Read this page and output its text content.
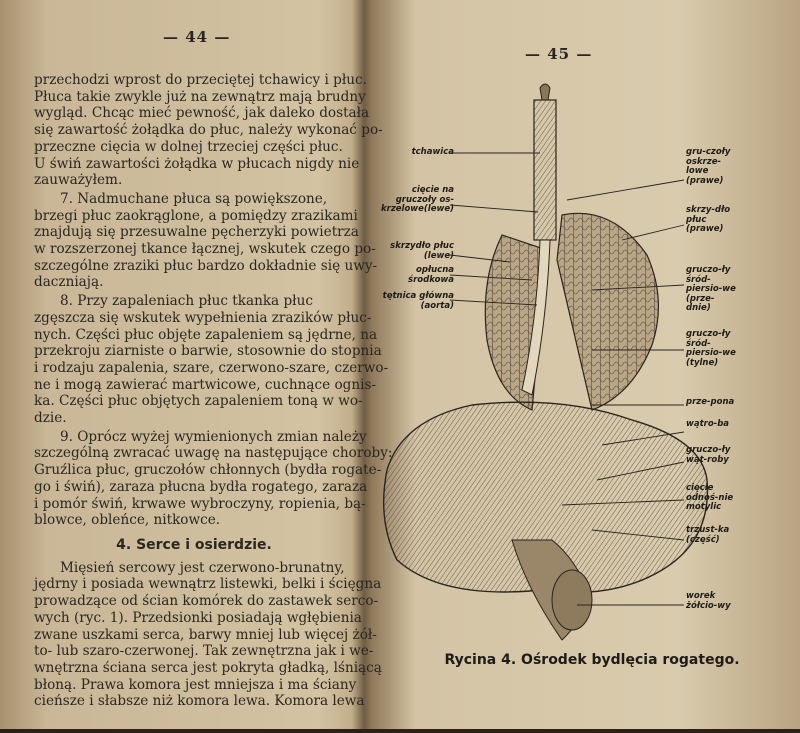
— 44 —
przechodzi wprost do przeciętej tchawicy i płuc.
Płuca takie zwykle już na zewnątrz mają brudny
wygląd. Chcąc mieć pewność, jak daleko dostała
się zawartość żołądka do płuc, należy wykonać po-
przeczne cięcia w dolnej trzeciej części płuc.
U świń zawartości żołądka w płucach nigdy nie
zauważyłem.
7. Nadmuchane płuca są powiększone,
brzegi płuc zaokrąglone, a pomiędzy zrazikami
znajdują się przesuwalne pęcherzyki powietrza
w rozszerzonej tkance łącznej, wskutek czego po-
szczególne zraziki płuc bardzo dokładnie się uwy-
daczniają.
8. Przy zapaleniach płuc tkanka płuc
zgęszcza się wskutek wypełnienia zrazików płuc-
nych. Części płuc objęte zapaleniem są jędrne, na
przekroju ziarniste o barwie, stosownie do stopnia
i rodzaju zapalenia, szare, czerwono-szare, czerwo-
ne i mogą zawierać martwicowe, cuchnące ognis-
ka. Części płuc objętych zapaleniem toną w wo-
dzie.
9. Oprócz wyżej wymienionych zmian należy
szczególną zwracać uwagę na następujące choroby:
Gruźlica płuc, gruczołów chłonnych (bydła rogate-
go i świń), zaraza płucna bydła rogatego, zaraza
i pomór świń, krwawe wybroczyny, ropienia, bą-
blowce, obleńce, nitkowce.
4. Serce i osierdzie.
Mięsień sercowy jest czerwono-brunatny,
jędrny i posiada wewnątrz listewki, belki i ścięgna
prowadzące od ścian komórek do zastawek serco-
wych (ryc. 1). Przedsionki posiadają wgłębienia
zwane uszkami serca, barwy mniej lub więcej żół-
to- lub szaro-czerwonej. Tak zewnętrzna jak i we-
wnętrzna ściana serca jest pokryta gładką, lśniącą
błoną. Prawa komora jest mniejsza i ma ściany
cieńsze i słabsze niż komora lewa. Komora lewa
— 45 —
tchawica
cięcie na gruczoły os-krzelowe(lewe)
skrzydło płuc (lewe)
opłucna środkowa
tętnica główna (aorta)
gru-czoły oskrze-lowe (prawe)
skrzy-dło płuc (prawe)
gruczo-ły śród-piersio-we (prze-dnie)
gruczo-ły śród-piersio-we (tylne)
prze-pona
wątro-ba
gruczo-ły wąt-roby
cięcie odnoś-nie motylic
trzust-ka (część)
worek żółcio-wy
Rycina 4. Ośrodek bydlęcia rogatego.
